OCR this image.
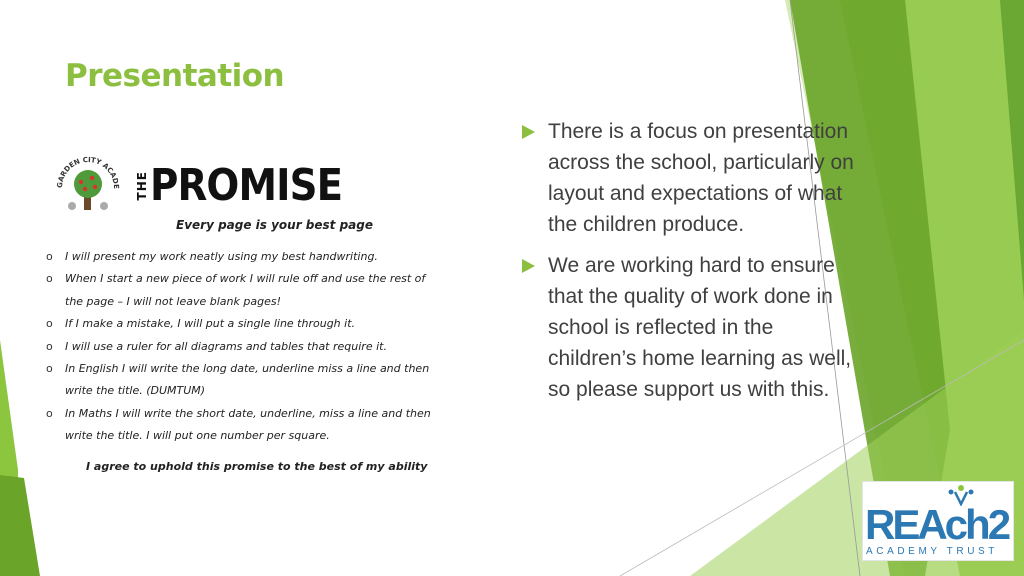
Presentation
GARDEN CITY ACADE THE PROMISE
Every page is your best page
o I will present my work neatly using my best handwriting.
o When I start a new piece of work I will rule off and use the rest of
the page – I will not leave blank pages!
o If I make a mistake, I will put a single line through it.
o I will use a ruler for all diagrams and tables that require it.
o In English I will write the long date, underline miss a line and then
write the title. (DUMTUM)
o In Maths I will write the short date, underline, miss a line and then
write the title. I will put one number per square.
I agree to uphold this promise to the best of my ability
There is a focus on presentation across the school, particularly on layout and expectations of what the children produce.
We are working hard to ensure that the quality of work done in school is reflected in the children’s home learning as well, so please support us with this.
REAch2
ACADEMY TRUST
